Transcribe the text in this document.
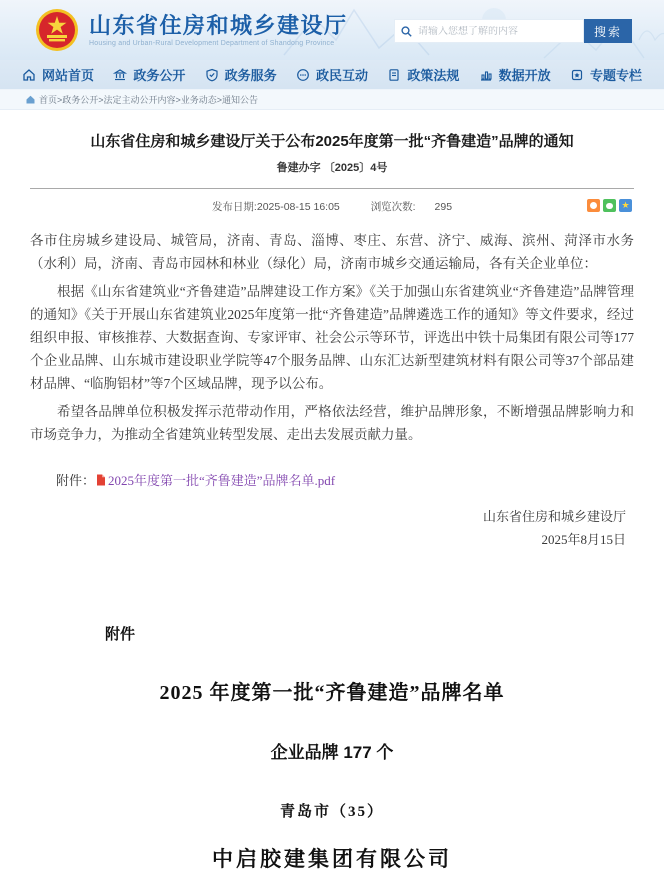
山东省住房和城乡建设厅
Housing and Urban-Rural Development Department of Shandong Province
请输入您想了解的内容
搜索
网站首页	政务公开	政务服务	政民互动	政策法规	数据开放	专题专栏
首页>政务公开>法定主动公开内容>业务动态>通知公告
山东省住房和城乡建设厅关于公布2025年度第一批“齐鲁建造”品牌的通知
鲁建办字 〔2025〕4号
发布日期:2025-08-15 16:05	浏览次数: 295	★

各市住房城乡建设局、城管局，济南、青岛、淄博、枣庄、东营、济宁、威海、滨州、菏泽市水务（水利）局，济南、青岛市园林和林业（绿化）局，济南市城乡交通运输局，各有关企业单位：

根据《山东省建筑业“齐鲁建造”品牌建设工作方案》《关于加强山东省建筑业“齐鲁建造”品牌管理的通知》《关于开展山东省建筑业2025年度第一批“齐鲁建造”品牌遴选工作的通知》等文件要求，经过组织申报、审核推荐、大数据查询、专家评审、社会公示等环节，评选出中铁十局集团有限公司等177个企业品牌、山东城市建设职业学院等47个服务品牌、山东汇达新型建筑材料有限公司等37个部品建材品牌、“临朐铝材”等7个区域品牌，现予以公布。

希望各品牌单位积极发挥示范带动作用，严格依法经营，维护品牌形象，不断增强品牌影响力和市场竞争力，为推动全省建筑业转型发展、走出去发展贡献力量。

附件： 2025年度第一批“齐鲁建造”品牌名单.pdf
山东省住房和城乡建设厅
2025年8月15日
附件
2025 年度第一批“齐鲁建造”品牌名单
企业品牌 177 个
青岛市（35）
中启胶建集团有限公司
